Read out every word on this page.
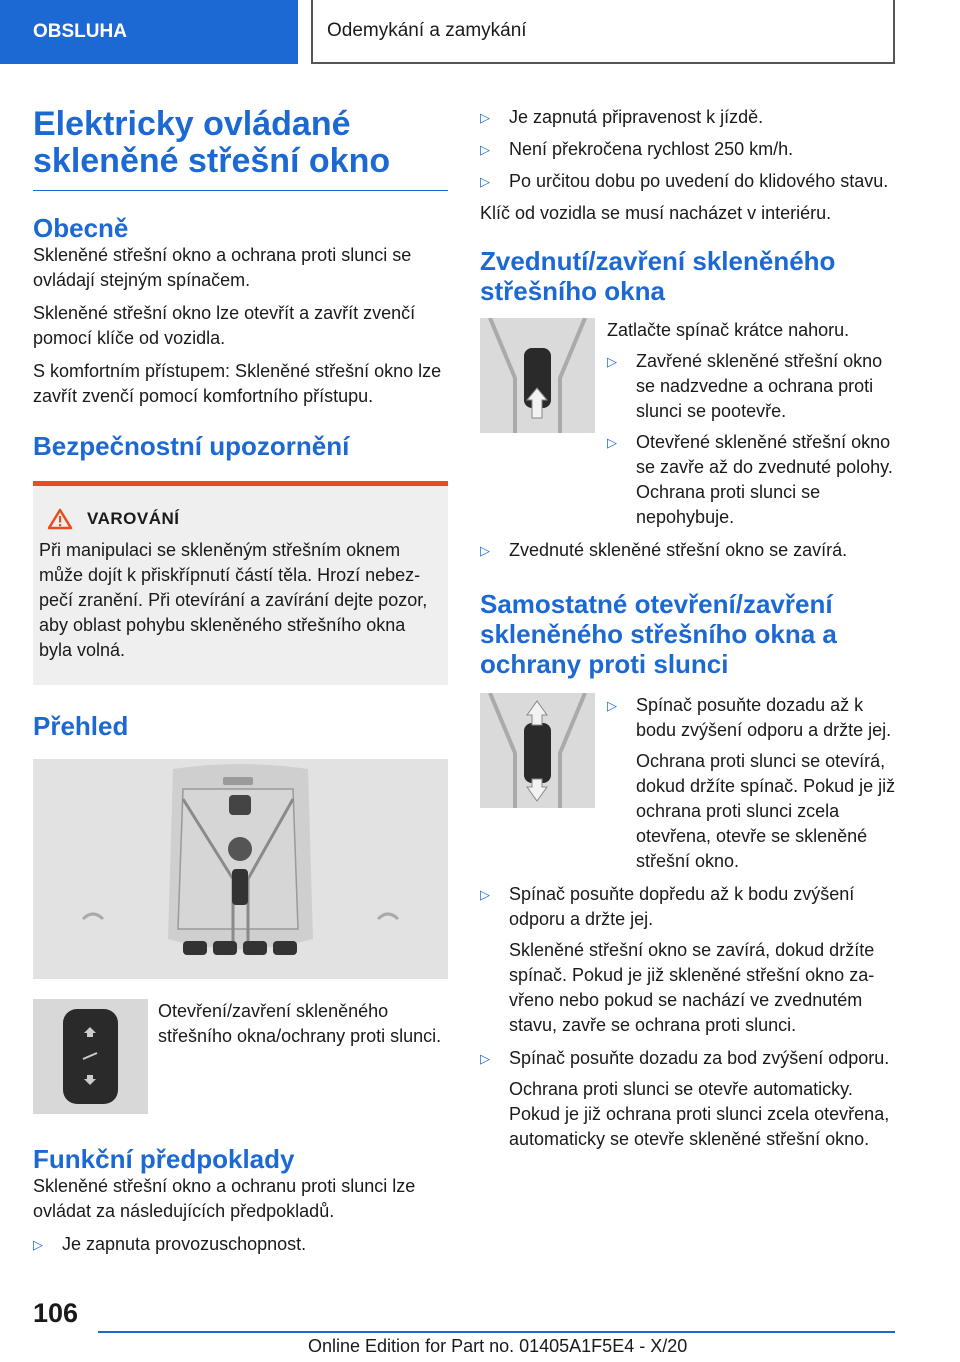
OBSLUHA	Odemykání a zamykání
Elektricky ovládané skleněné střešní okno
Obecně

Skleněné střešní okno a ochrana proti slunci se ovládají stejným spínačem.

Skleněné střešní okno lze otevřít a zavřít zvenčí pomocí klíče od vozidla.

S komfortním přístupem: Skleněné střešní okno lze zavřít zvenčí pomocí komfortního přístupu.

Bezpečnostní upozornění
VAROVÁNÍ

Při manipulaci se skleněným střešním oknem může dojít k přiskřípnutí částí těla. Hrozí nebezpečí zranění. Při otevírání a zavírání dejte pozor, aby oblast pohybu skleněného střešního okna byla volná.

Přehled

Otevření/zavření skleněného střešního okna/ochrany proti slunci.

Funkční předpoklady

Skleněné střešní okno a ochranu proti slunci lze ovládat za následujících předpokladů.

▷ Je zapnuta provozuschopnost.
▷ Je zapnutá připravenost k jízdě.
▷ Není překročena rychlost 250 km/h.
▷ Po určitou dobu po uvedení do klidového stavu.

Klíč od vozidla se musí nacházet v interiéru.

Zvednutí/zavření skleněného střešního okna

Zatlačte spínač krátce nahoru.

▷ Zavřené skleněné střešní okno se nadzvedne a ochrana proti slunci se pootevře.
▷ Otevřené skleněné střešní okno se zavře až do zvednuté polohy. Ochrana proti slunci se nepohybuje.
▷ Zvednuté skleněné střešní okno se zavírá.
Samostatné otevření/zavření skleněného střešního okna a ochrany proti slunci
▷ Spínač posuňte dozadu až k bodu zvýšení odporu a držte jej.
Ochrana proti slunci se otevírá, dokud držíte spínač. Pokud je již ochrana proti slunci zcela otevřena, otevře se skleněné střešní okno.
▷ Spínač posuňte dopředu až k bodu zvýšení odporu a držte jej.
Skleněné střešní okno se zavírá, dokud držíte spínač. Pokud je již skleněné střešní okno zavřeno nebo pokud se nachází ve zvednutém stavu, zavře se ochrana proti slunci.
▷ Spínač posuňte dozadu za bod zvýšení odporu.
Ochrana proti slunci se otevře automaticky. Pokud je již ochrana proti slunci zcela otevřena, automaticky se otevře skleněné střešní okno.
106
Online Edition for Part no. 01405A1F5E4 - X/20
